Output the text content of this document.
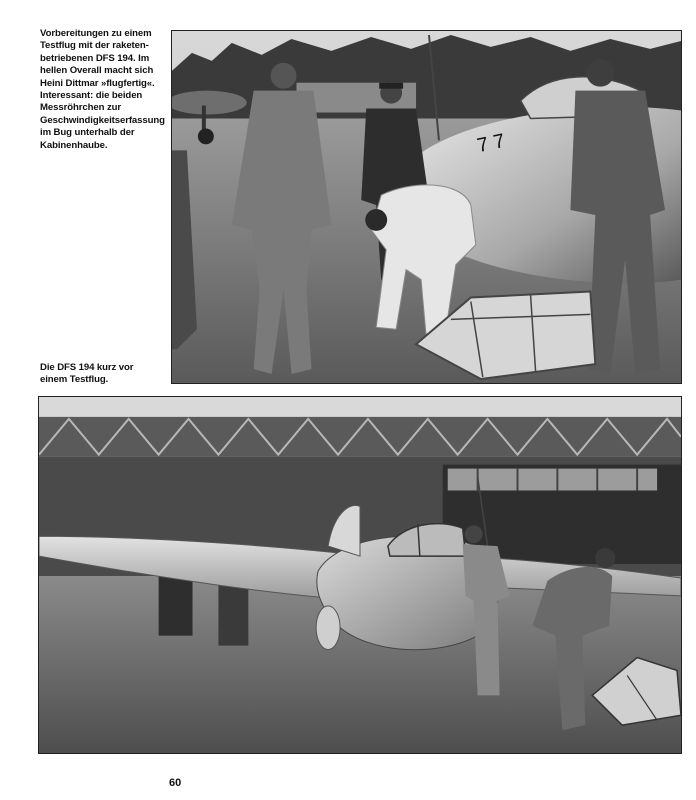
Vorbereitungen zu einem
Testflug mit der raketen-
betriebenen DFS 194. Im
hellen Overall macht sich
Heini Dittmar »flugfertig«.
Interessant: die beiden
Messröhrchen zur
Geschwindigkeitserfassung
im Bug unterhalb der
Kabinenhaube.	7 7
Die DFS 194 kurz vor
einem Testflug.
60
